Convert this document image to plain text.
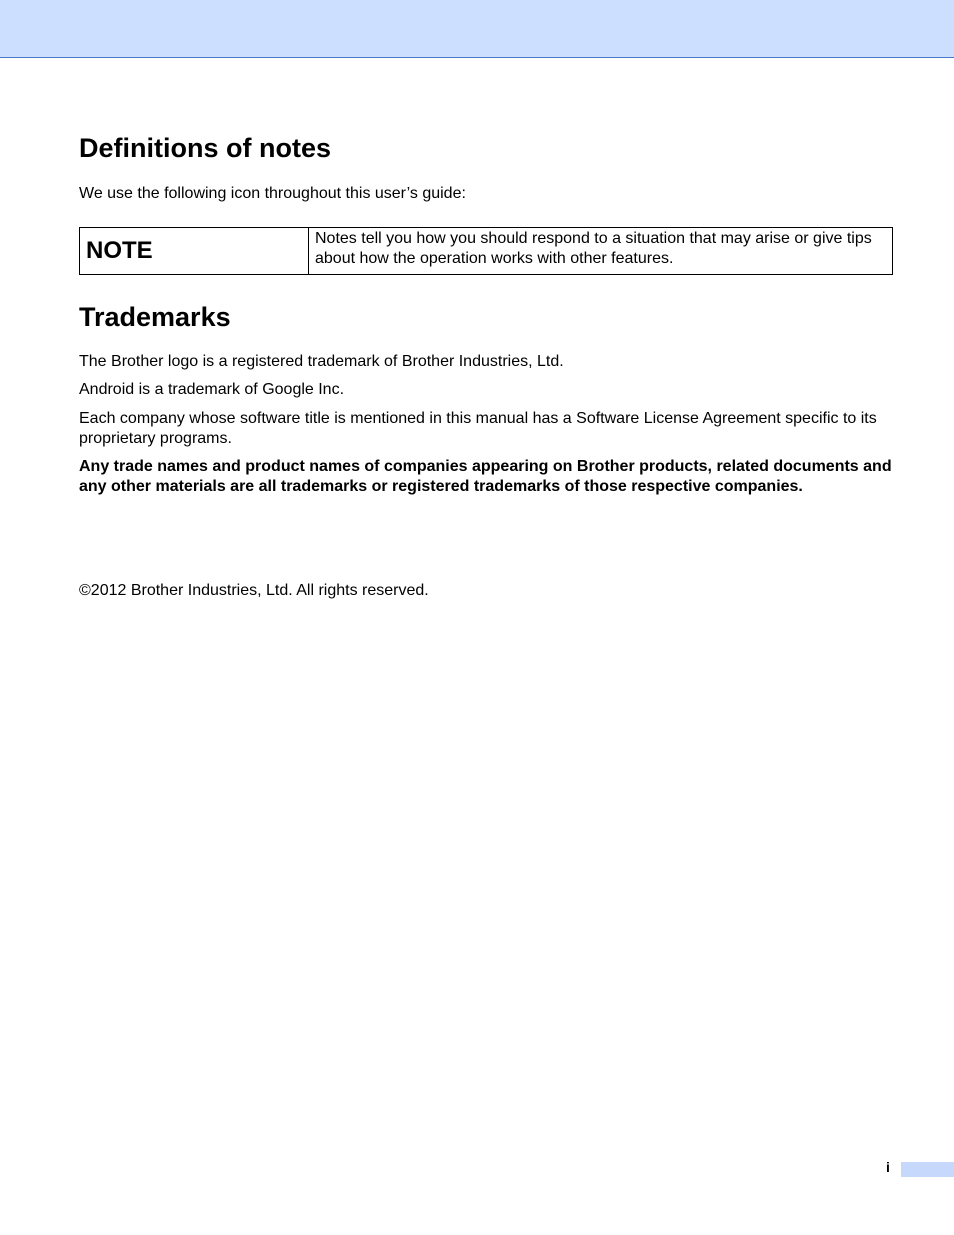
Definitions of notes

We use the following icon throughout this user’s guide:

NOTE	Notes tell you how you should respond to a situation that may arise or give tips about how the operation works with other features.
Trademarks

The Brother logo is a registered trademark of Brother Industries, Ltd.

Android is a trademark of Google Inc.

Each company whose software title is mentioned in this manual has a Software License Agreement specific to its proprietary programs.

Any trade names and product names of companies appearing on Brother products, related documents and any other materials are all trademarks or registered trademarks of those respective companies.

©2012 Brother Industries, Ltd. All rights reserved.

i
